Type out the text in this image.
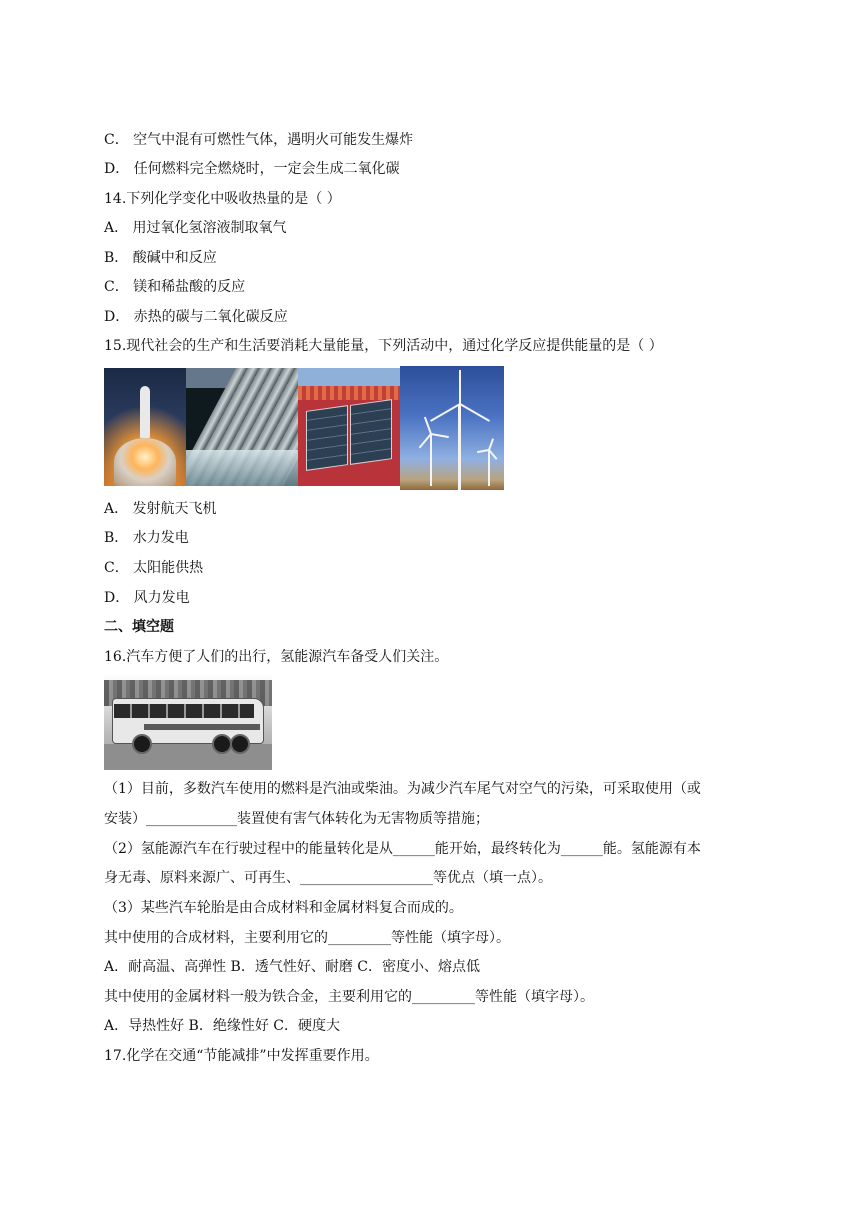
C． 空气中混有可燃性气体，遇明火可能发生爆炸
D． 任何燃料完全燃烧时，一定会生成二氧化碳
14.下列化学变化中吸收热量的是（ ）
A． 用过氧化氢溶液制取氧气
B． 酸碱中和反应
C． 镁和稀盐酸的反应
D． 赤热的碳与二氧化碳反应
15.现代社会的生产和生活要消耗大量能量，下列活动中，通过化学反应提供能量的是（ ）
A． 发射航天飞机
B． 水力发电
C． 太阳能供热
D． 风力发电
二、填空题
16.汽车方便了人们的出行，氢能源汽车备受人们关注。
（1）目前，多数汽车使用的燃料是汽油或柴油。为减少汽车尾气对空气的污染，可采取使用（或
安装）_____________装置使有害气体转化为无害物质等措施；
（2）氢能源汽车在行驶过程中的能量转化是从______能开始，最终转化为______能。氢能源有本
身无毒、原料来源广、可再生、___________________等优点（填一点）。
（3）某些汽车轮胎是由合成材料和金属材料复合而成的。
其中使用的合成材料，主要利用它的_________等性能（填字母）。
A．耐高温、高弹性 B．透气性好、耐磨 C．密度小、熔点低
其中使用的金属材料一般为铁合金，主要利用它的_________等性能（填字母）。
A．导热性好 B．绝缘性好 C．硬度大
17.化学在交通“节能减排”中发挥重要作用。
